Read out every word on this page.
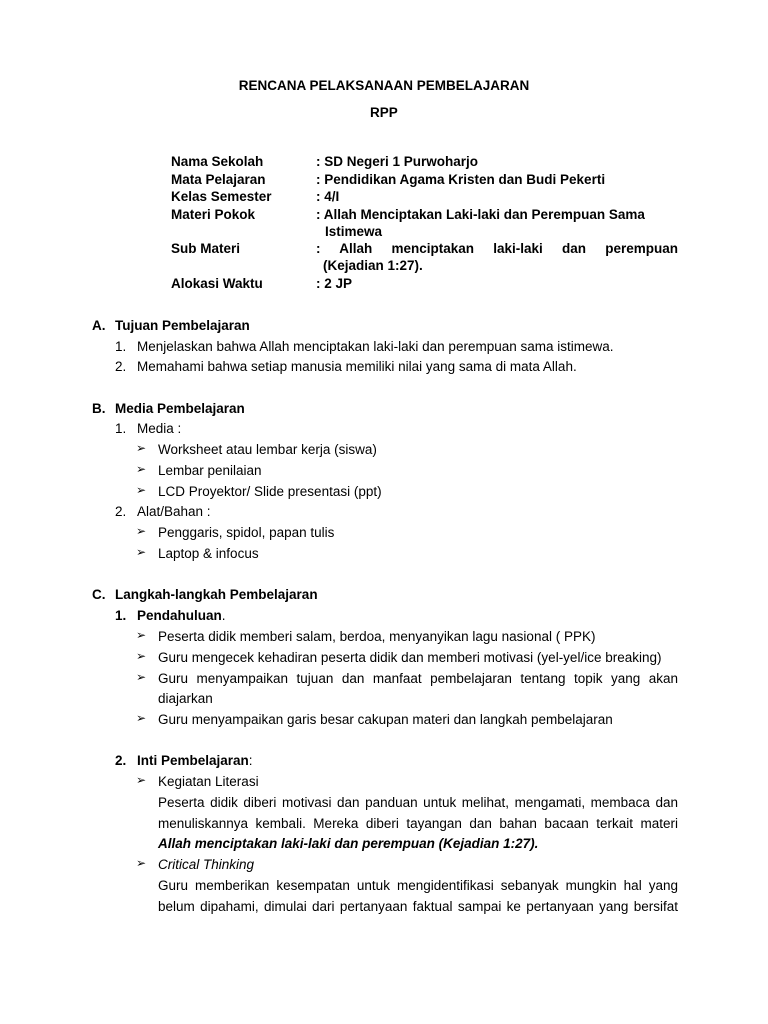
RENCANA PELAKSANAAN PEMBELAJARAN
RPP
Nama Sekolah	: SD Negeri 1 Purwoharjo
Mata Pelajaran	: Pendidikan Agama Kristen dan Budi Pekerti
Kelas Semester	: 4/I
Materi Pokok	: Allah Menciptakan Laki-laki dan Perempuan Sama
Istimewa
Sub Materi	: Allah menciptakan laki-laki dan perempuan
(Kejadian 1:27).
Alokasi Waktu	: 2 JP
A. Tujuan Pembelajaran
1. Menjelaskan bahwa Allah menciptakan laki-laki dan perempuan sama istimewa.
2. Memahami bahwa setiap manusia memiliki nilai yang sama di mata Allah.
B. Media Pembelajaran
1. Media :
➢ Worksheet atau lembar kerja (siswa)
➢ Lembar penilaian
➢ LCD Proyektor/ Slide presentasi (ppt)
2. Alat/Bahan :
➢ Penggaris, spidol, papan tulis
➢ Laptop & infocus
C. Langkah-langkah Pembelajaran
1. Pendahuluan.
➢ Peserta didik memberi salam, berdoa, menyanyikan lagu nasional ( PPK)
➢ Guru mengecek kehadiran peserta didik dan memberi motivasi (yel-yel/ice breaking)
➢ Guru menyampaikan tujuan dan manfaat pembelajaran tentang topik yang akan
diajarkan
➢ Guru menyampaikan garis besar cakupan materi dan langkah pembelajaran
2. Inti Pembelajaran:
➢ Kegiatan Literasi
Peserta didik diberi motivasi dan panduan untuk melihat, mengamati, membaca dan
menuliskannya kembali. Mereka diberi tayangan dan bahan bacaan terkait materi
Allah menciptakan laki-laki dan perempuan (Kejadian 1:27).
➢ Critical Thinking
Guru memberikan kesempatan untuk mengidentifikasi sebanyak mungkin hal yang
belum dipahami, dimulai dari pertanyaan faktual sampai ke pertanyaan yang bersifat
